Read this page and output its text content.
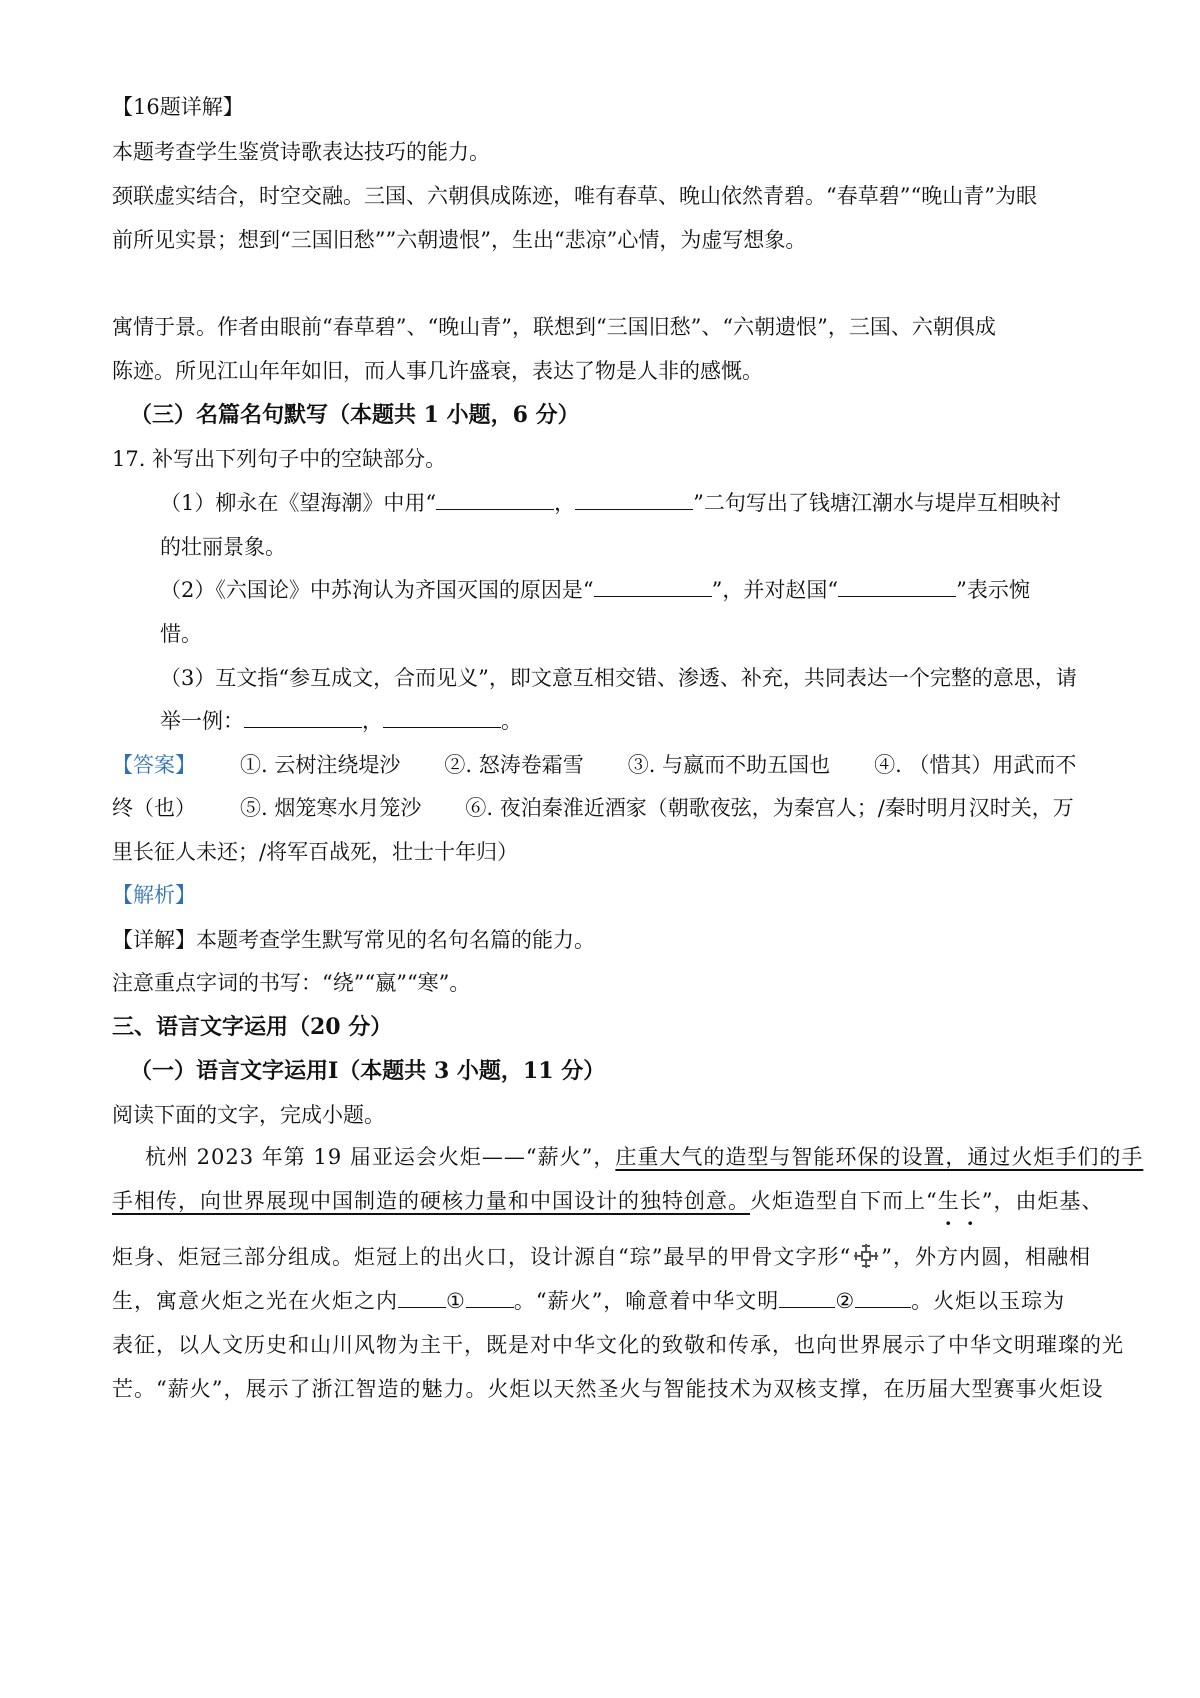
【16题详解】
本题考查学生鉴赏诗歌表达技巧的能力。
颈联虚实结合，时空交融。三国、六朝俱成陈迹，唯有春草、晚山依然青碧。“春草碧”“晚山青”为眼
前所见实景；想到“三国旧愁””六朝遗恨”，生出“悲凉”心情，为虚写想象。
寓情于景。作者由眼前“春草碧”、“晚山青”，联想到“三国旧愁”、“六朝遗恨”，三国、六朝俱成
陈迹。所见江山年年如旧，而人事几许盛衰，表达了物是人非的感慨。
（三）名篇名句默写（本题共 1 小题，6 分）
17. 补写出下列句子中的空缺部分。
（1）柳永在《望海潮》中用“	，	”二句写出了钱塘江潮水与堤岸互相映衬
的壮丽景象。
（2）《六国论》中苏洵认为齐国灭国的原因是“	”，并对赵国“	”表示惋
惜。
（3）互文指“参互成文，合而见义”，即文意互相交错、渗透、补充，共同表达一个完整的意思，请
举一例：	，	。
【答案】 ①. 云树注绕堤沙 ②. 怒涛卷霜雪 ③. 与嬴而不助五国也 ④. （惜其）用武而不
终（也） ⑤. 烟笼寒水月笼沙 ⑥. 夜泊秦淮近酒家（朝歌夜弦，为秦宫人；/秦时明月汉时关，万
里长征人未还；/将军百战死，壮士十年归）
【解析】
【详解】本题考查学生默写常见的名句名篇的能力。
注意重点字词的书写：“绕”“嬴”“寒”。
三、语言文字运用（20 分）
（一）语言文字运用Ⅰ（本题共 3 小题，11 分）
阅读下面的文字，完成小题。
杭州 2023 年第 19 届亚运会火炬——“薪火”，庄重大气的造型与智能环保的设置，通过火炬手们的手
手相传，向世界展现中国制造的硬核力量和中国设计的独特创意。火炬造型自下而上“生长”，由炬基、
炬身、炬冠三部分组成。炬冠上的出火口，设计源自“琮”最早的甲骨文字形“ ”，外方内圆，相融相
生，寓意火炬之光在火炬之内 ① 。“薪火”，喻意着中华文明	②	。火炬以玉琮为
表征，以人文历史和山川风物为主干，既是对中华文化的致敬和传承，也向世界展示了中华文明璀璨的光
芒。“薪火”，展示了浙江智造的魅力。火炬以天然圣火与智能技术为双核支撑，在历届大型赛事火炬设
